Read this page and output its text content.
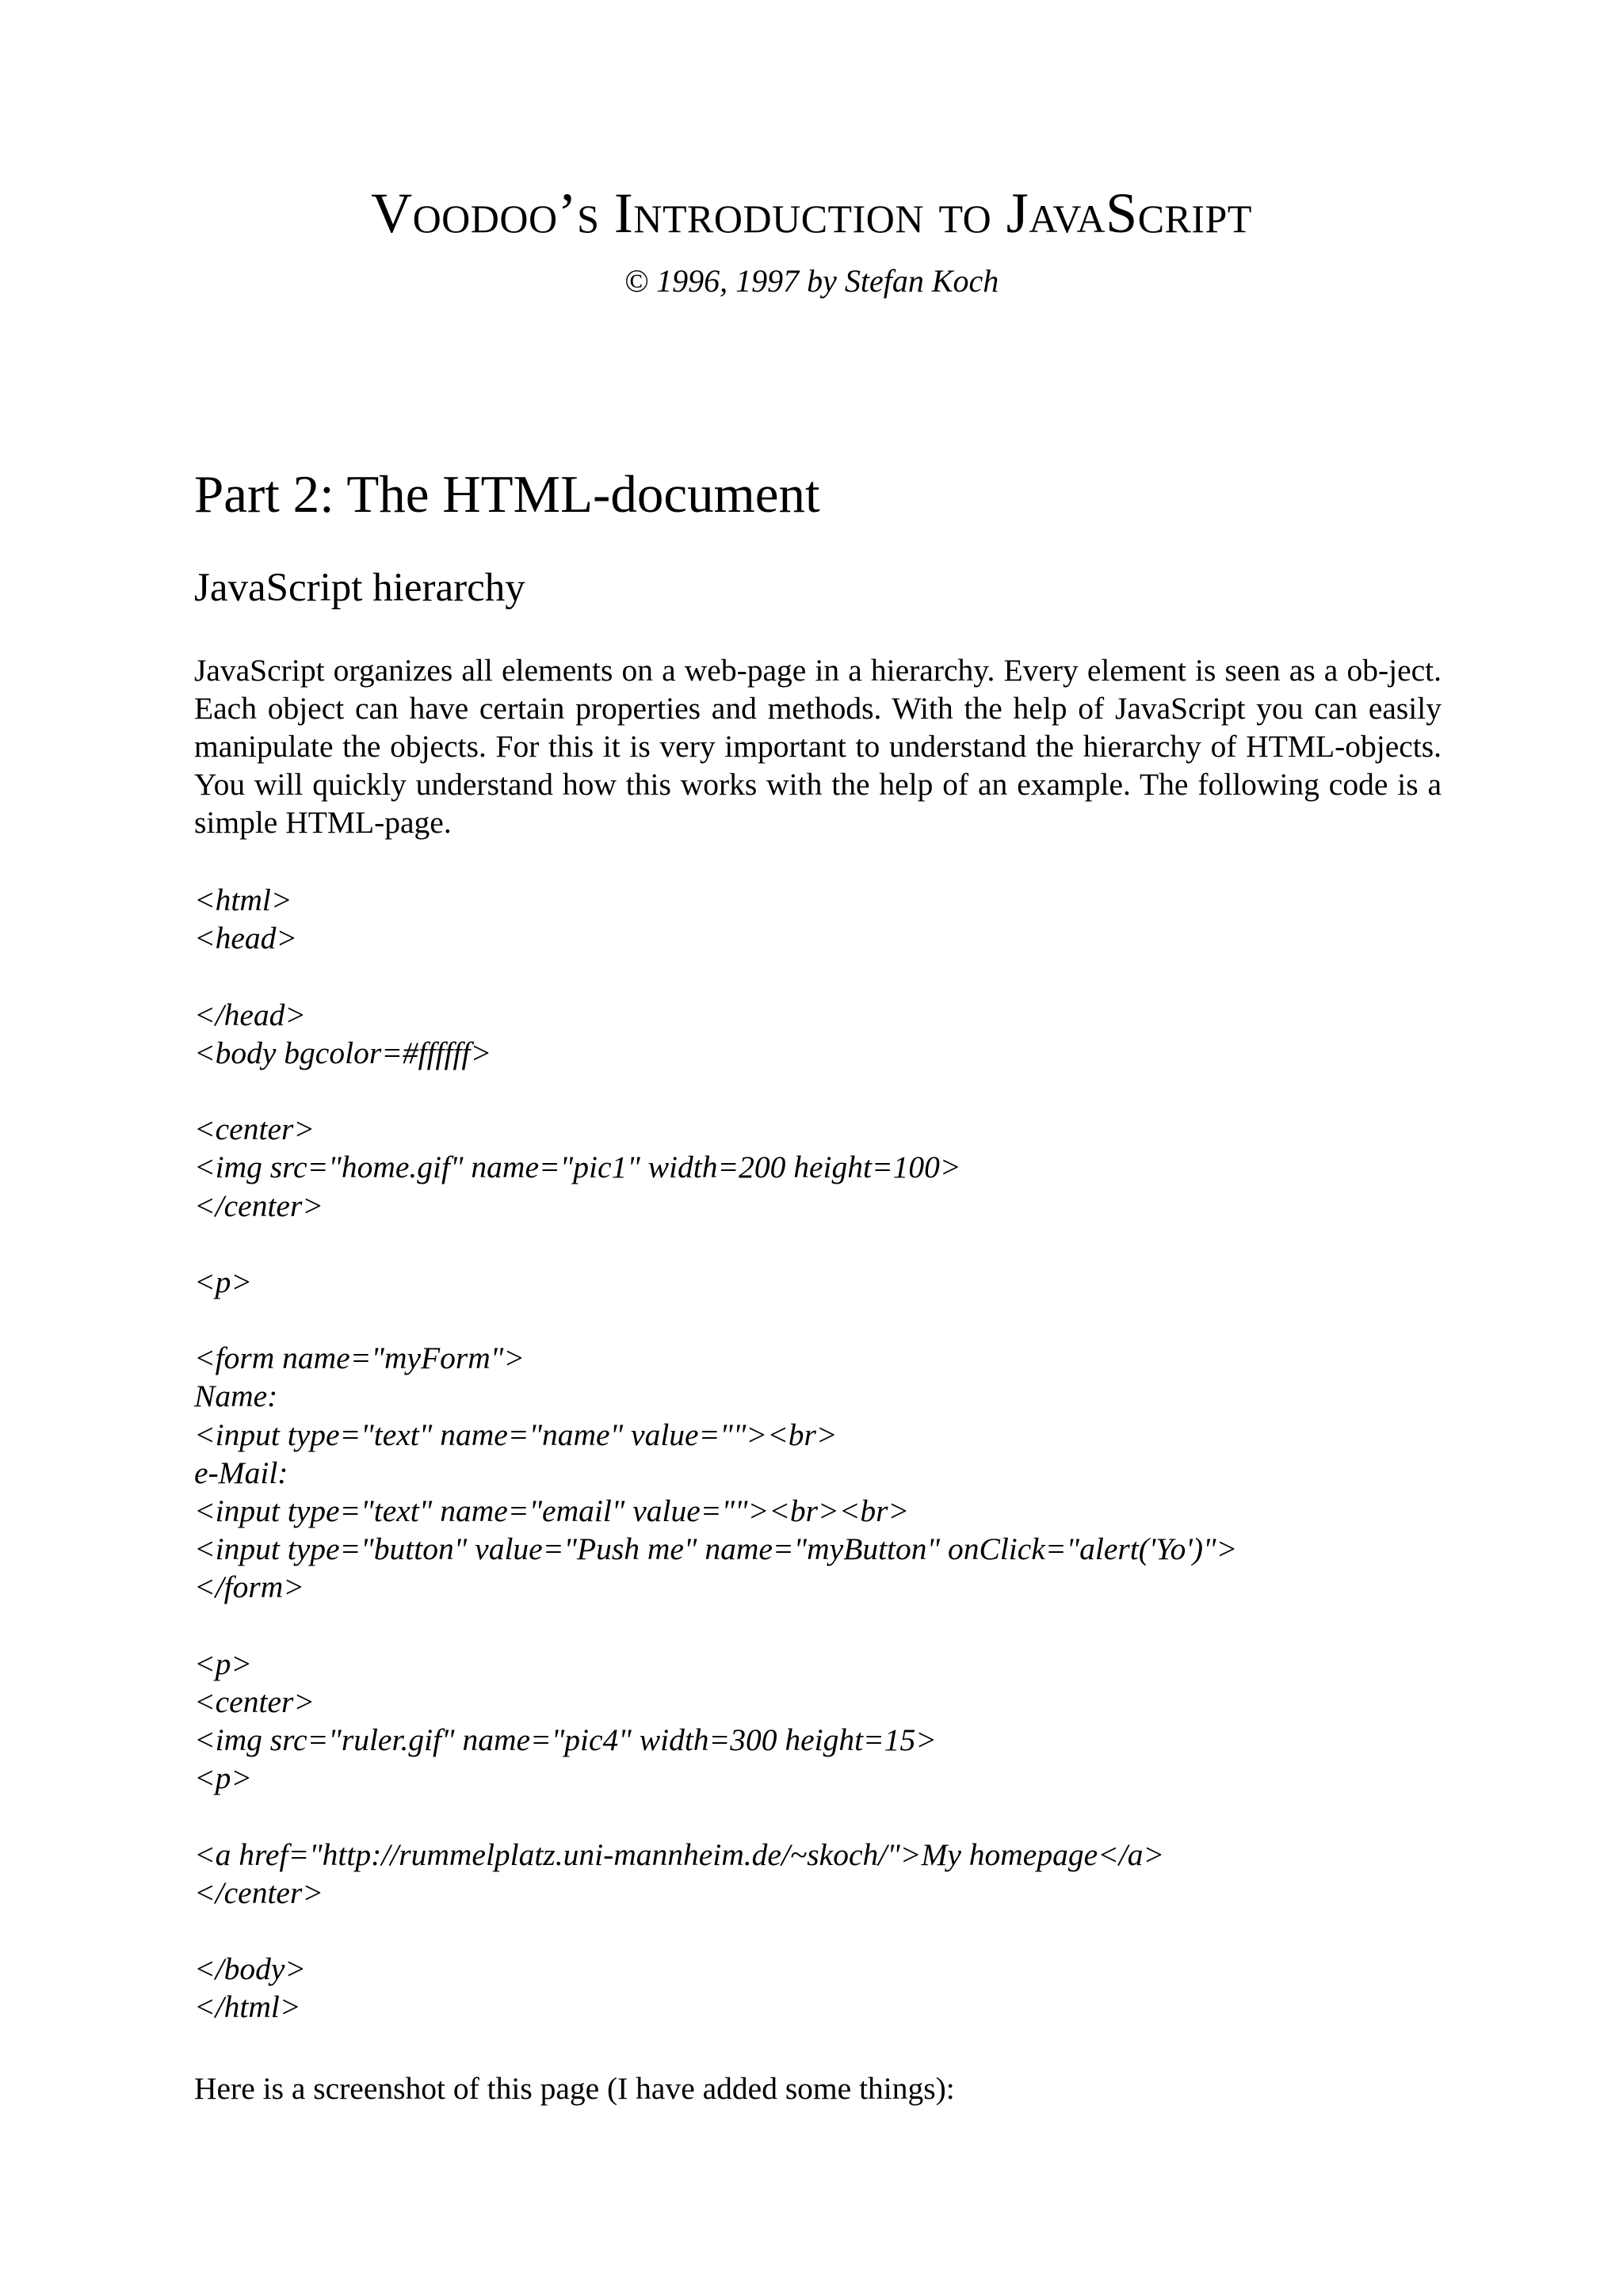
Voodoo’s Introduction to JavaScript

© 1996, 1997 by Stefan Koch

Part 2: The HTML-document
JavaScript hierarchy

JavaScript organizes all elements on a web-page in a hierarchy. Every element is seen as a ob-ject. Each object can have certain properties and methods. With the help of JavaScript you can easily manipulate the objects. For this it is very important to understand the hierarchy of HTML-objects. You will quickly understand how this works with the help of an example. The following code is a simple HTML-page.

<html>
<head>
</head>
<body bgcolor=#ffffff>
<center>
<img src="home.gif" name="pic1" width=200 height=100>
</center>
<p>
<form name="myForm">
Name:
<input type="text" name="name" value=""><br>
e-Mail:
<input type="text" name="email" value=""><br><br>
<input type="button" value="Push me" name="myButton" onClick="alert('Yo')">
</form>
<p>
<center>
<img src="ruler.gif" name="pic4" width=300 height=15>
<p>
<a href="http://rummelplatz.uni-mannheim.de/~skoch/">My homepage</a>
</center>
</body>
</html>

Here is a screenshot of this page (I have added some things):
